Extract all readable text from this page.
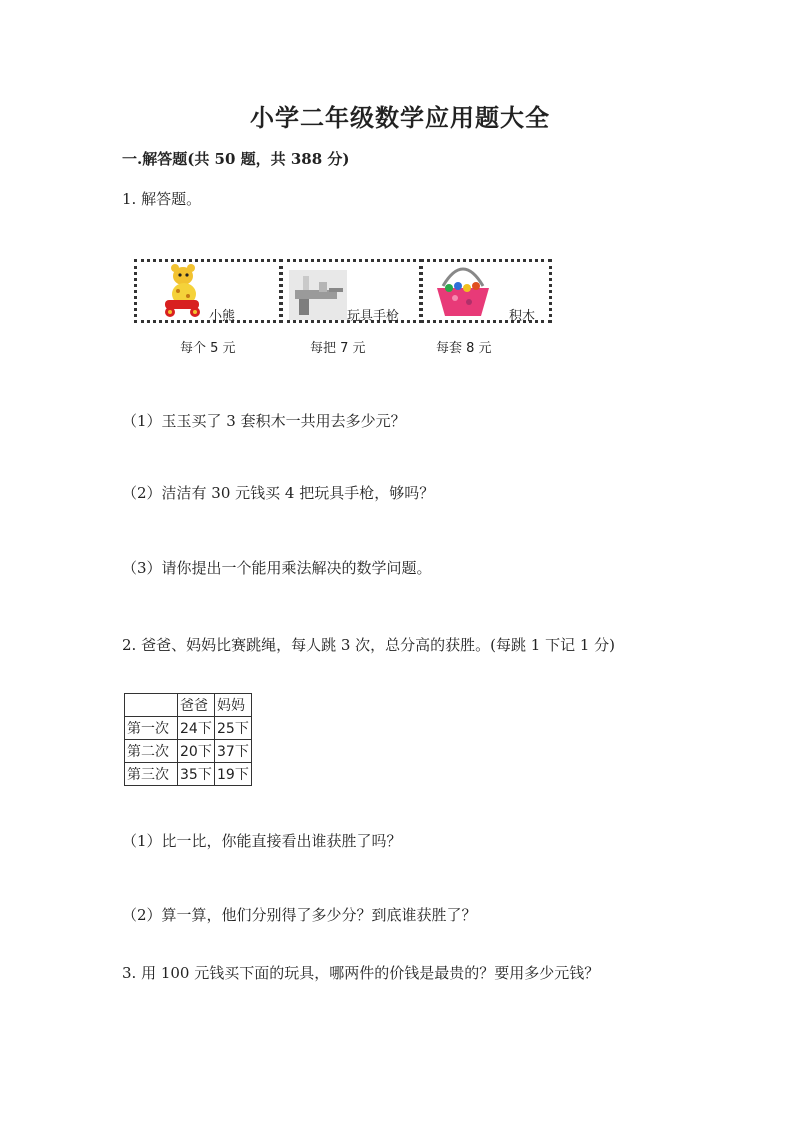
小学二年级数学应用题大全
一.解答题(共 50 题，共 388 分)
1. 解答题。
小熊	玩具手枪	积木
每个 5 元	每把 7 元	每套 8 元
（1）玉玉买了 3 套积木一共用去多少元？
（2）洁洁有 30 元钱买 4 把玩具手枪，够吗？
（3）请你提出一个能用乘法解决的数学问题。
2. 爸爸、妈妈比赛跳绳，每人跳 3 次，总分高的获胜。(每跳 1 下记 1 分)
	爸爸	妈妈
第一次	24下	25下
第二次	20下	37下
第三次	35下	19下
（1）比一比，你能直接看出谁获胜了吗？
（2）算一算，他们分别得了多少分？到底谁获胜了？
3. 用 100 元钱买下面的玩具，哪两件的价钱是最贵的？要用多少元钱？
